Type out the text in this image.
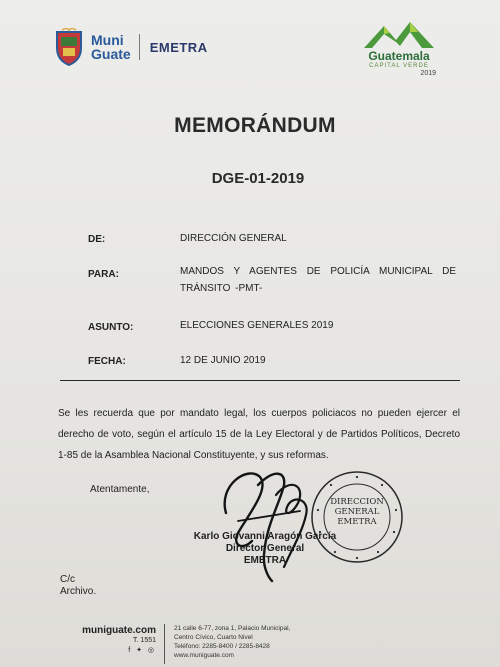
Muni
Guate EMETRA
Guatemala
CAPITAL VERDE
2019
MEMORÁNDUM
DGE-01-2019
DE:	DIRECCIÓN GENERAL
PARA:	MANDOS Y AGENTES DE POLICÍA MUNICIPAL DE TRÁNSITO -PMT-
ASUNTO:	ELECCIONES GENERALES 2019
FECHA:	12 DE JUNIO 2019
Se les recuerda que por mandato legal, los cuerpos policiacos no pueden ejercer el derecho de voto, según el artículo 15 de la Ley Electoral y de Partidos Políticos, Decreto 1-85 de la Asamblea Nacional Constituyente, y sus reformas.
Atentamente,
DIRECCION
GENERAL
EMETRA
Karlo Giovanni Aragón García
Director General
EMETRA
C/c
Archivo.
muniguate.com
T. 1551
f ✦ ◎
21 calle 6-77, zona 1, Palacio Municipal,
Centro Cívico, Cuarto Nivel
Teléfono: 2285-8400 / 2285-8428
www.muniguate.com
